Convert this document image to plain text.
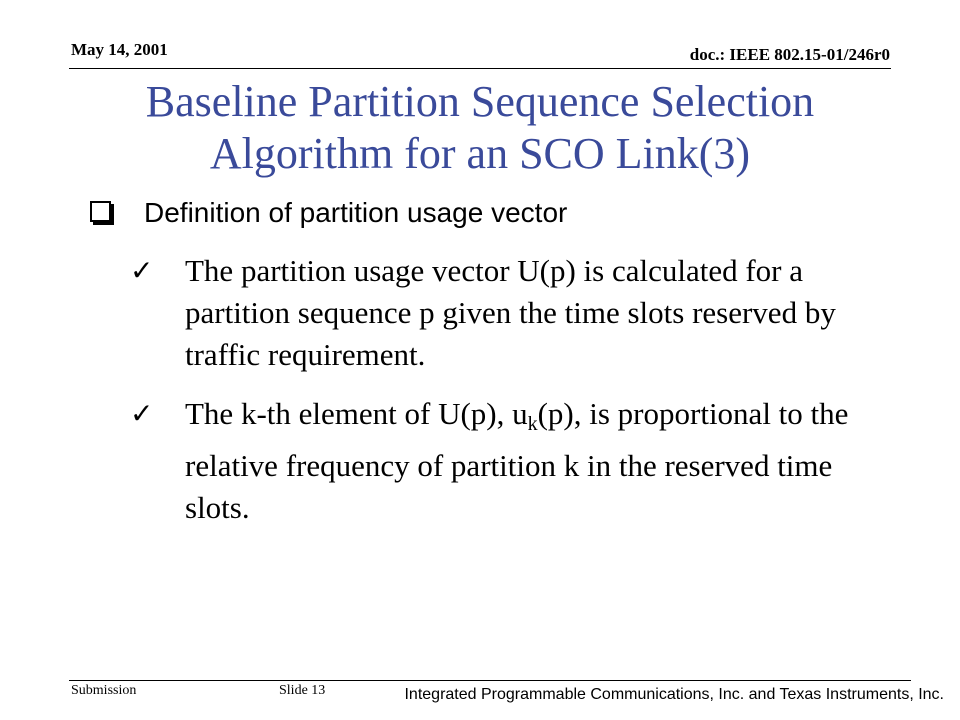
May 14, 2001	doc.: IEEE 802.15-01/246r0
Baseline Partition Sequence Selection
Algorithm for an SCO Link(3)
Definition of partition usage vector
✓ The partition usage vector U(p) is calculated for a partition sequence p given the time slots reserved by traffic requirement.
✓ The k-th element of U(p), $u_k(p)$, is proportional to the relative frequency of partition k in the reserved time slots.
Submission	Slide 13	Integrated Programmable Communications, Inc. and Texas Instruments, Inc.
